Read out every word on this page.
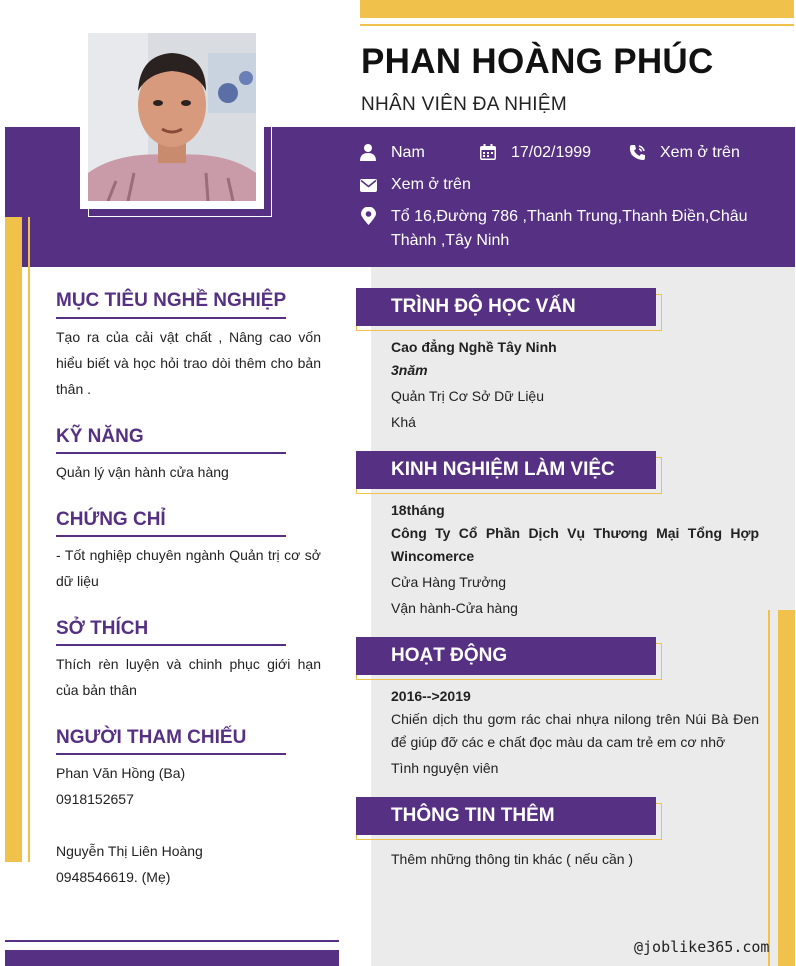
PHAN HOÀNG PHÚC
NHÂN VIÊN ĐA NHIỆM
Nam	17/02/1999	Xem ở trên
Xem ở trên
Tổ 16,Đường 786 ,Thanh Trung,Thanh Điền,Châu Thành ,Tây Ninh
MỤC TIÊU NGHỀ NGHIỆP
Tạo ra của cải vật chất , Nâng cao vốn hiểu biết và học hỏi trao dòi thêm cho bản thân .
KỸ NĂNG
Quản lý vận hành cửa hàng
CHỨNG CHỈ
- Tốt nghiệp chuyên ngành Quản trị cơ sở dữ liệu
SỞ THÍCH
Thích rèn luyện và chinh phục giới hạn của bản thân
NGƯỜI THAM CHIẾU
Phan Văn Hồng (Ba)
0918152657
Nguyễn Thị Liên Hoàng
0948546619. (Mẹ)
TRÌNH ĐỘ HỌC VẤN
Cao đẳng Nghề Tây Ninh
3năm
Quản Trị Cơ Sở Dữ Liệu
Khá
KINH NGHIỆM LÀM VIỆC
18tháng
Công Ty Cổ Phần Dịch Vụ Thương Mại Tổng Hợp Wincomerce
Cửa Hàng Trưởng
Vận hành-Cửa hàng
HOẠT ĐỘNG
2016-->2019
Chiến dịch thu gơm rác chai nhựa nilong trên Núi Bà Đen để giúp đỡ các e chất đọc màu da cam trẻ em cơ nhỡ
Tình nguyện viên
THÔNG TIN THÊM
Thêm những thông tin khác ( nếu cần )
@joblike365.com
